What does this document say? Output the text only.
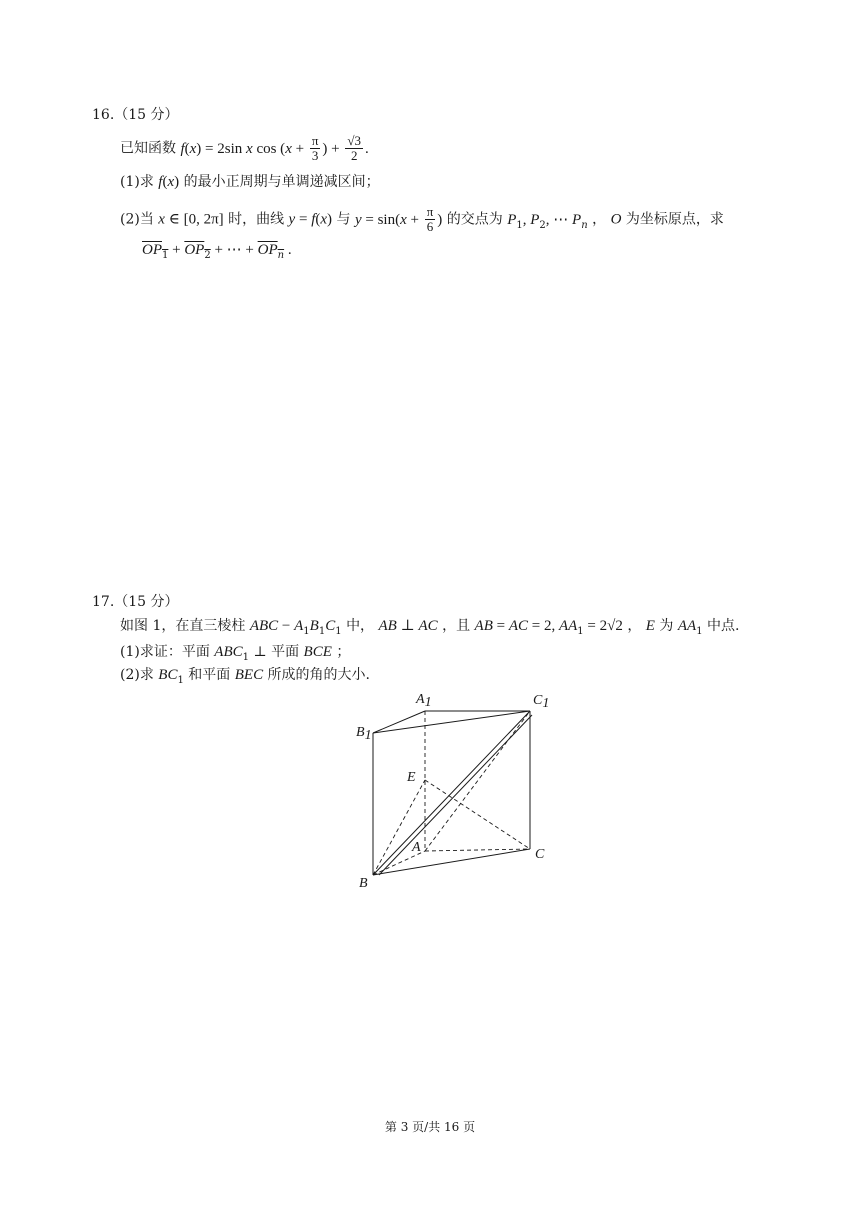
16.（15 分）
已知函数 f(x) = 2sin x $\cos (x + \frac{\pi}{3}$ ) + $\frac{√3}{2}$ .
(1)求 f(x) 的最小正周期与单调递减区间；
(2)当 x ∈ [0, 2π] 时，曲线 y = f(x) 与 $y = \sin(x + \frac{\pi}{6}$ ) 的交点为 $P_1$, $P_2$, ⋯ $P_n$ ， O 为坐标原点，求
$OP_1 + OP_2$ + ⋯ + $OP_n$ .
17.（15 分）
如图 1，在直三棱柱 ABC − $A_1B_1C_1$ 中， AB ⊥ AC ，且 AB = AC = 2, $AA_1 = 2√2$ ， E 为 $AA_1$ 中点.
(1)求证：平面 $ABC_1$ ⊥ 平面 BCE ；
(2)求 $BC_1$ 和平面 BEC 所成的角的大小.
A1	C1
B1
E
A	C
B
第 3 页/共 16 页
